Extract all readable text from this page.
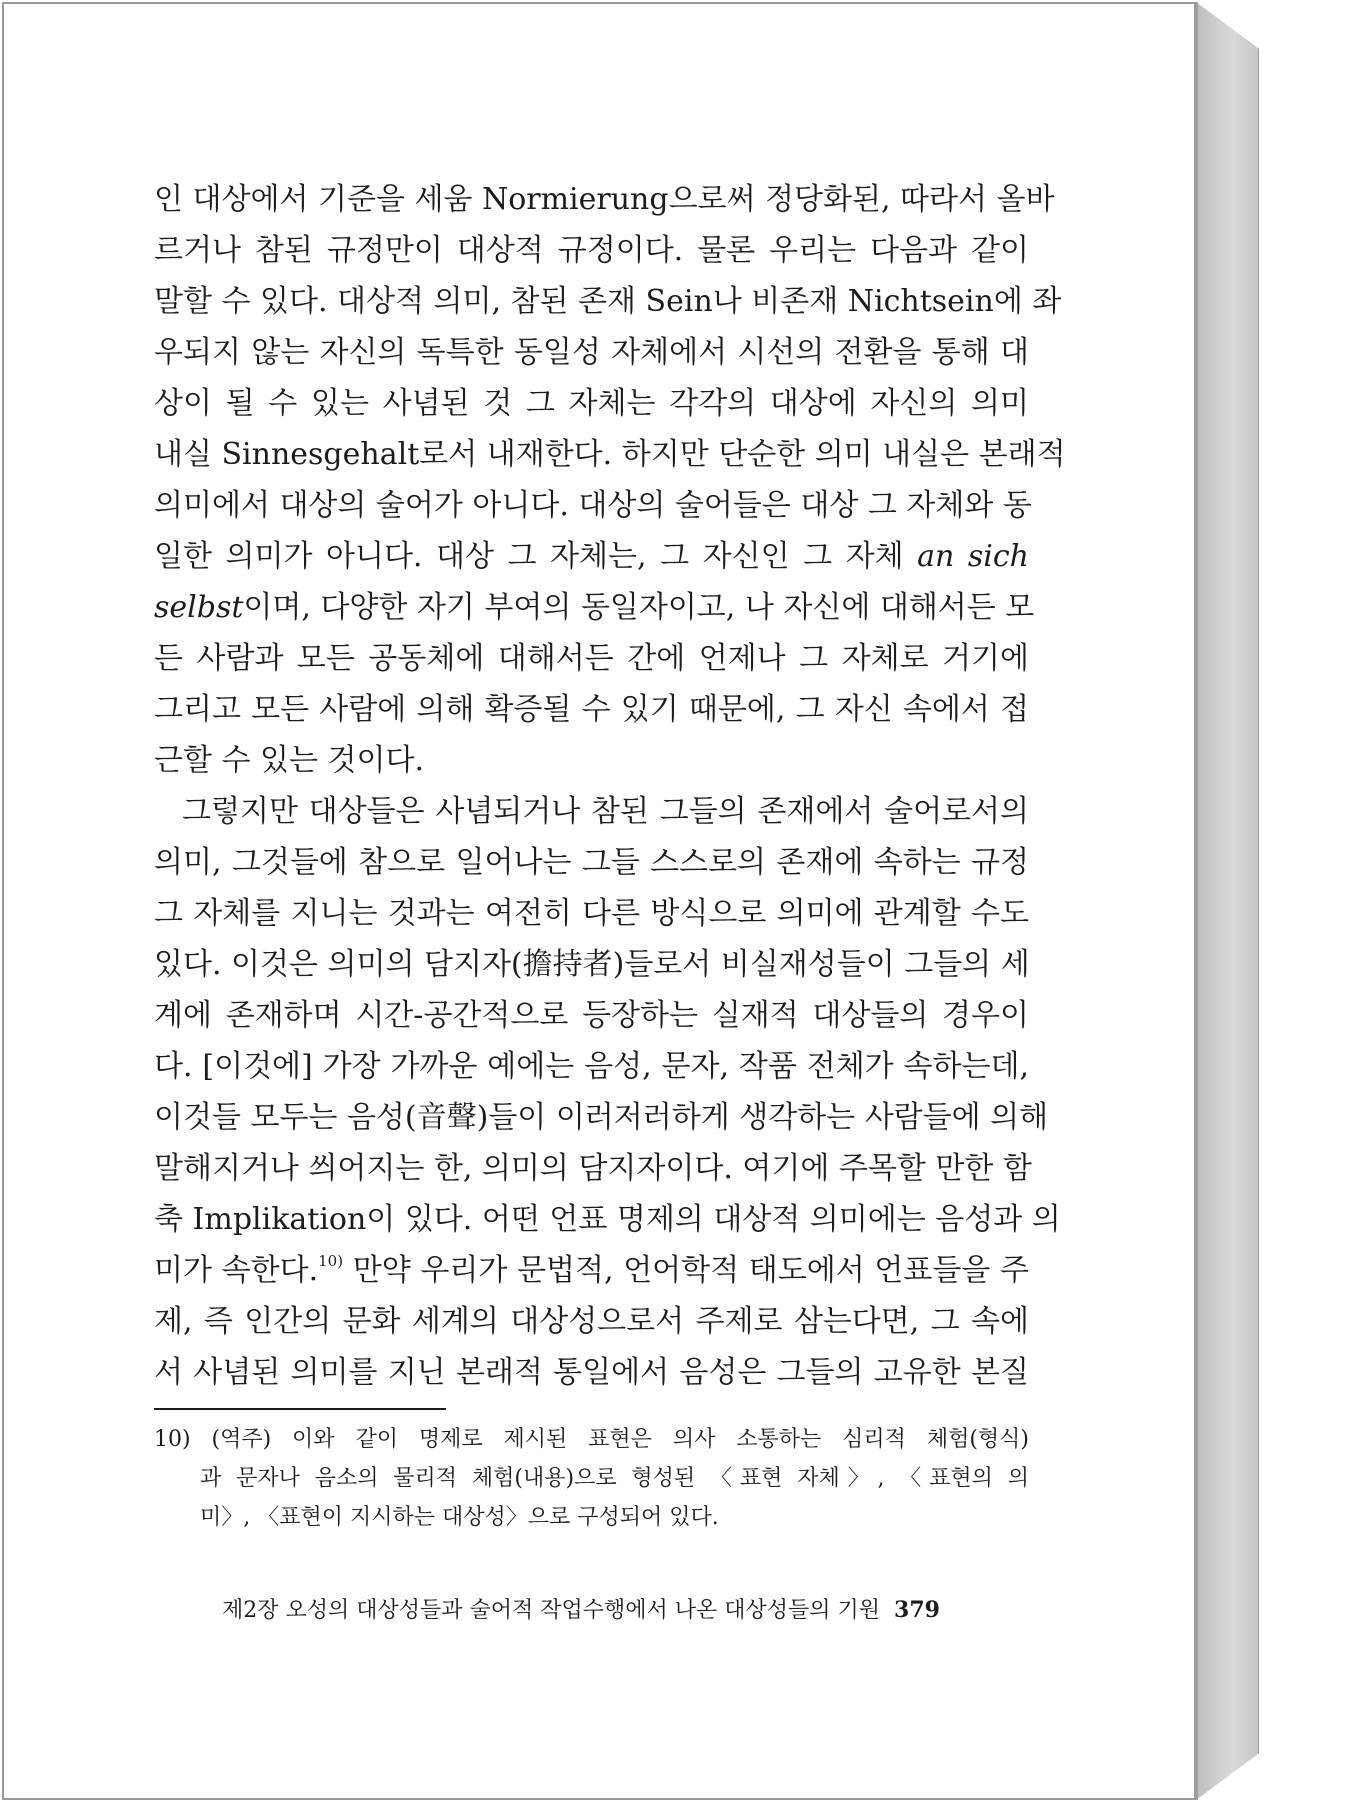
인 대상에서 기준을 세움 Normierung으로써 정당화된, 따라서 올바
르거나 참된 규정만이 대상적 규정이다. 물론 우리는 다음과 같이
말할 수 있다. 대상적 의미, 참된 존재 Sein나 비존재 Nichtsein에 좌
우되지 않는 자신의 독특한 동일성 자체에서 시선의 전환을 통해 대
상이 될 수 있는 사념된 것 그 자체는 각각의 대상에 자신의 의미
내실 Sinnesgehalt로서 내재한다. 하지만 단순한 의미 내실은 본래적
의미에서 대상의 술어가 아니다. 대상의 술어들은 대상 그 자체와 동
일한 의미가 아니다. 대상 그 자체는, 그 자신인 그 자체 an sich
selbst이며, 다양한 자기 부여의 동일자이고, 나 자신에 대해서든 모
든 사람과 모든 공동체에 대해서든 간에 언제나 그 자체로 거기에
그리고 모든 사람에 의해 확증될 수 있기 때문에, 그 자신 속에서 접
근할 수 있는 것이다.
그렇지만 대상들은 사념되거나 참된 그들의 존재에서 술어로서의
의미, 그것들에 참으로 일어나는 그들 스스로의 존재에 속하는 규정
그 자체를 지니는 것과는 여전히 다른 방식으로 의미에 관계할 수도
있다. 이것은 의미의 담지자(擔持者)들로서 비실재성들이 그들의 세
계에 존재하며 시간-공간적으로 등장하는 실재적 대상들의 경우이
다. [이것에] 가장 가까운 예에는 음성, 문자, 작품 전체가 속하는데,
이것들 모두는 음성(音聲)들이 이러저러하게 생각하는 사람들에 의해
말해지거나 씌어지는 한, 의미의 담지자이다. 여기에 주목할 만한 함
축 Implikation이 있다. 어떤 언표 명제의 대상적 의미에는 음성과 의
미가 속한다.$^{10)}$ 만약 우리가 문법적, 언어학적 태도에서 언표들을 주
제, 즉 인간의 문화 세계의 대상성으로서 주제로 삼는다면, 그 속에
서 사념된 의미를 지닌 본래적 통일에서 음성은 그들의 고유한 본질
10) (역주) 이와 같이 명제로 제시된 표현은 의사 소통하는 심리적 체험(형식)
과 문자나 음소의 물리적 체험(내용)으로 형성된 〈표현 자체〉, 〈표현의 의
미〉, 〈표현이 지시하는 대상성〉으로 구성되어 있다.
제2장 오성의 대상성들과 술어적 작업수행에서 나온 대상성들의 기원 379
